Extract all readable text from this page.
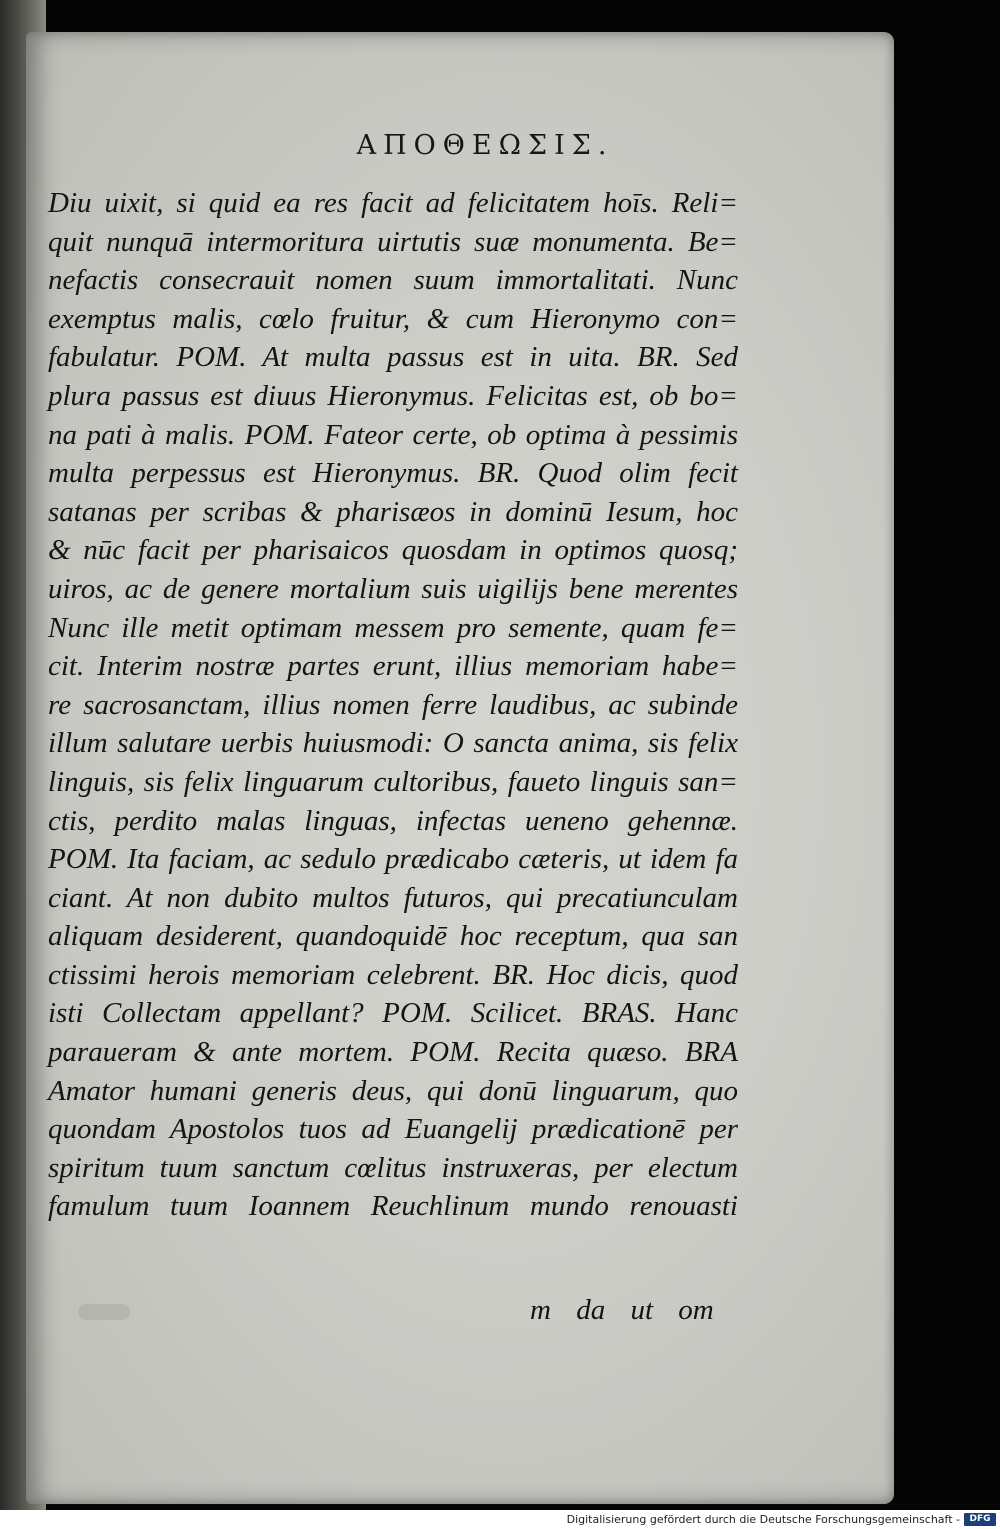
ΑΠΟΘΕΩΣΙΣ.
Diu uixit, si quid ea res facit ad felicitatem hoīs. Reli=
quit nunquā intermoritura uirtutis suæ monumenta. Be=
nefactis consecrauit nomen suum immortalitati. Nunc
exemptus malis, cœlo fruitur, & cum Hieronymo con=
fabulatur. POM. At multa passus est in uita. BR. Sed
plura passus est diuus Hieronymus. Felicitas est, ob bo=
na pati à malis. POM. Fateor certe, ob optima à pessimis
multa perpessus est Hieronymus. BR. Quod olim fecit
satanas per scribas & pharisæos in dominū Iesum, hoc
& nūc facit per pharisaicos quosdam in optimos quosq;
uiros, ac de genere mortalium suis uigilijs bene merentes
Nunc ille metit optimam messem pro semente, quam fe=
cit. Interim nostræ partes erunt, illius memoriam habe=
re sacrosanctam, illius nomen ferre laudibus, ac subinde
illum salutare uerbis huiusmodi: O sancta anima, sis felix
linguis, sis felix linguarum cultoribus, faueto linguis san=
ctis, perdito malas linguas, infectas ueneno gehennæ.
POM. Ita faciam, ac sedulo prædicabo cæteris, ut idem fa
ciant. At non dubito multos futuros, qui precatiunculam
aliquam desiderent, quandoquidē hoc receptum, qua san
ctissimi herois memoriam celebrent. BR. Hoc dicis, quod
isti Collectam appellant? POM. Scilicet. BRAS. Hanc
paraueram & ante mortem. POM. Recita quæso. BRA
Amator humani generis deus, qui donū linguarum, quo
quondam Apostolos tuos ad Euangelij prædicationē per
spiritum tuum sanctum cœlitus instruxeras, per electum
famulum tuum Ioannem Reuchlinum mundo renouasti
m da ut om
Digitalisierung gefördert durch die Deutsche Forschungsgemeinschaft -	DFG
